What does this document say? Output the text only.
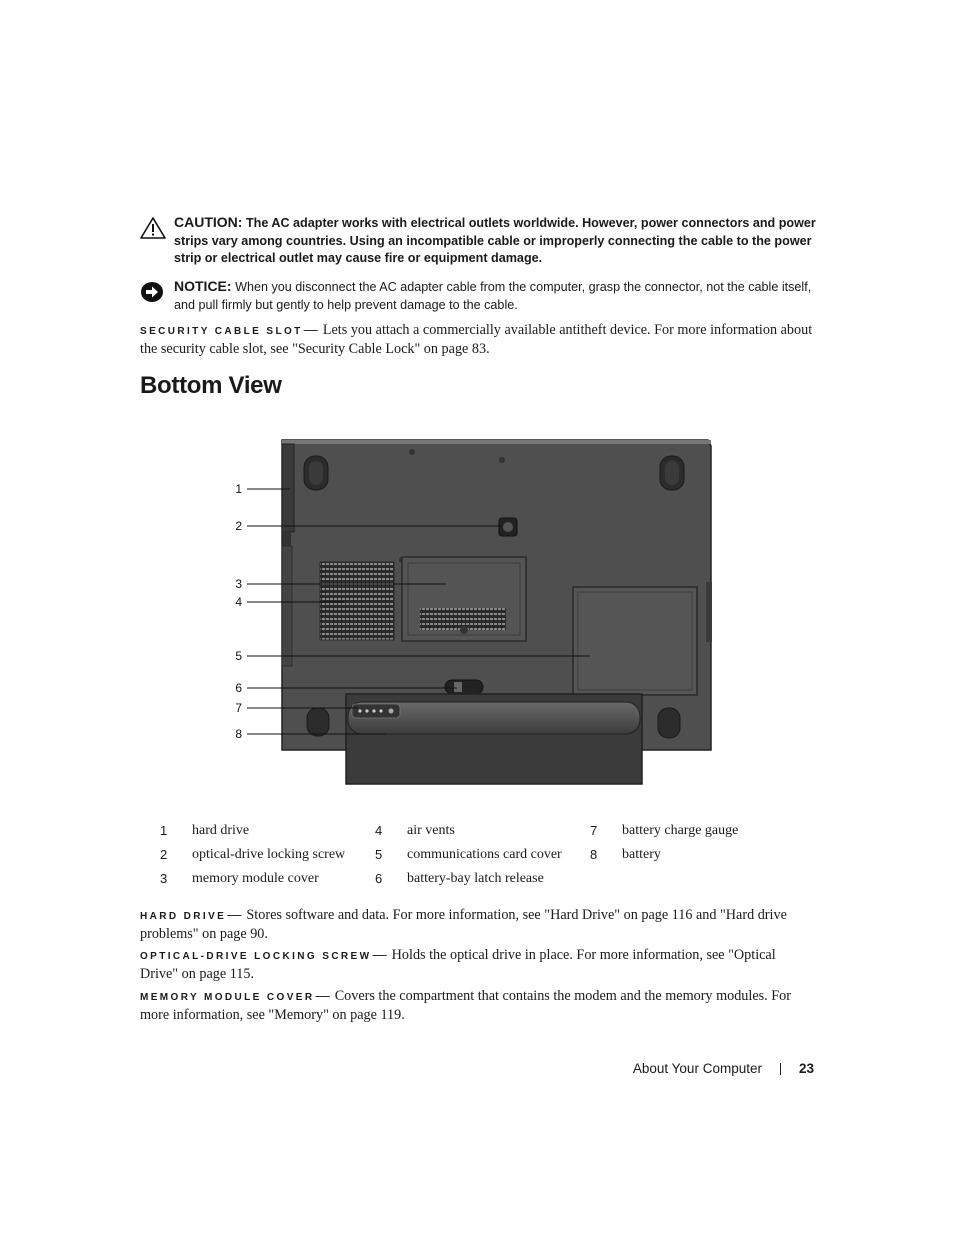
CAUTION: The AC adapter works with electrical outlets worldwide. However, power connectors and power strips vary among countries. Using an incompatible cable or improperly connecting the cable to the power strip or electrical outlet may cause fire or equipment damage.
NOTICE: When you disconnect the AC adapter cable from the computer, grasp the connector, not the cable itself, and pull firmly but gently to help prevent damage to the cable.
SECURITY CABLE SLOT— Lets you attach a commercially available antitheft device. For more information about the security cable slot, see "Security Cable Lock" on page 83.
Bottom View
1
2
3
4
5
6
7
8
1 hard drive
2 optical-drive locking screw
3 memory module cover
4 air vents
5 communications card cover
6 battery-bay latch release
7 battery charge gauge
8 battery
HARD DRIVE— Stores software and data. For more information, see "Hard Drive" on page 116 and "Hard drive problems" on page 90.
OPTICAL-DRIVE LOCKING SCREW— Holds the optical drive in place. For more information, see "Optical Drive" on page 115.
MEMORY MODULE COVER— Covers the compartment that contains the modem and the memory modules. For more information, see "Memory" on page 119.
About Your Computer	23
